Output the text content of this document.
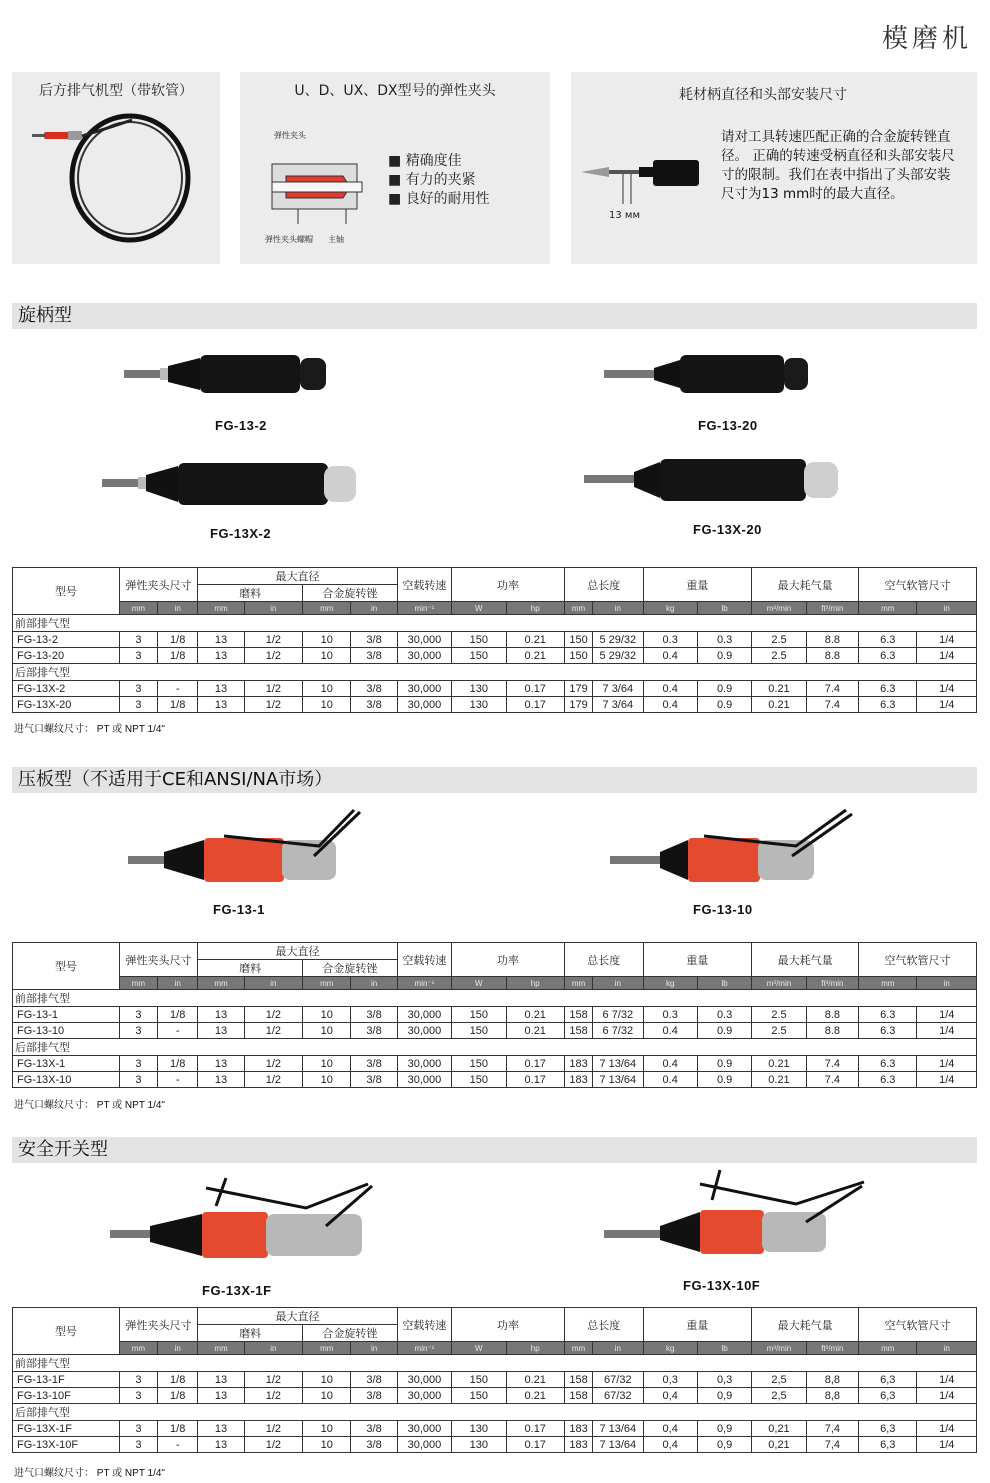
模磨机
后方排气机型（带软管）	U、D、UX、DX型号的弹性夹头
弹性夹头
弹性夹头螺帽 主轴
■ 精确度佳
■ 有力的夹紧
■ 良好的耐用性
耗材柄直径和头部安装尺寸
13 мм
请对工具转速匹配正确的合金旋转锉直径。 正确的转速受柄直径和头部安装尺寸的限制。我们在表中指出了头部安装尺寸为13 mm时的最大直径。
旋柄型
FG-13-2	FG-13-20
FG-13X-2	FG-13X-20
型号	弹性夹头尺寸		最大直径				空载转速	功率		总长度		重量		最大耗气量		空气软管尺寸	
			磨料		合金旋转锉												
	mm	in	mm	in	mm	in	min⁻¹	W	hp	mm	in	kg	lb	m³/min	ft³/min	mm	in
前部排气型																	
FG-13-2	3	1/8	13	1/2	10	3/8	30,000	150	0.21	150	5 29/32	0.3	0.3	2.5	8.8	6.3	1/4
FG-13-20	3	1/8	13	1/2	10	3/8	30,000	150	0.21	150	5 29/32	0.4	0.9	2.5	8.8	6.3	1/4
后部排气型																	
FG-13X-2	3	-	13	1/2	10	3/8	30,000	130	0.17	179	7 3/64	0.4	0.9	0.21	7.4	6.3	1/4
FG-13X-20	3	1/8	13	1/2	10	3/8	30,000	130	0.17	179	7 3/64	0.4	0.9	0.21	7.4	6.3	1/4
进气口螺纹尺寸： PT 或 NPT 1/4"
压板型（不适用于CE和ANSI/NA市场）
FG-13-1	FG-13-10
型号	弹性夹头尺寸		最大直径				空载转速	功率		总长度		重量		最大耗气量		空气软管尺寸	
			磨料		合金旋转锉												
	mm	in	mm	in	mm	in	min⁻¹	W	hp	mm	in	kg	lb	m³/min	ft³/min	mm	in
前部排气型																	
FG-13-1	3	1/8	13	1/2	10	3/8	30,000	150	0.21	158	6 7/32	0.3	0.3	2.5	8.8	6.3	1/4
FG-13-10	3	-	13	1/2	10	3/8	30,000	150	0.21	158	6 7/32	0.4	0.9	2.5	8.8	6.3	1/4
后部排气型																	
FG-13X-1	3	1/8	13	1/2	10	3/8	30,000	150	0.17	183	7 13/64	0.4	0.9	0.21	7.4	6.3	1/4
FG-13X-10	3	-	13	1/2	10	3/8	30,000	150	0.17	183	7 13/64	0.4	0.9	0.21	7.4	6.3	1/4
进气口螺纹尺寸： PT 或 NPT 1/4"
安全开关型
FG-13X-1F	FG-13X-10F
型号	弹性夹头尺寸		最大直径				空载转速	功率		总长度		重量		最大耗气量		空气软管尺寸	
			磨料		合金旋转锉												
	mm	in	mm	in	mm	in	min⁻¹	W	hp	mm	in	kg	lb	m³/min	ft³/min	mm	in
前部排气型																	
FG-13-1F	3	1/8	13	1/2	10	3/8	30,000	150	0.21	158	67/32	0,3	0,3	2,5	8,8	6,3	1/4
FG-13-10F	3	1/8	13	1/2	10	3/8	30,000	150	0.21	158	67/32	0,4	0,9	2,5	8,8	6,3	1/4
后部排气型																	
FG-13X-1F	3	1/8	13	1/2	10	3/8	30,000	130	0.17	183	7 13/64	0,4	0,9	0,21	7,4	6,3	1/4
FG-13X-10F	3	-	13	1/2	10	3/8	30,000	130	0.17	183	7 13/64	0,4	0,9	0,21	7,4	6,3	1/4
进气口螺纹尺寸： PT 或 NPT 1/4"
